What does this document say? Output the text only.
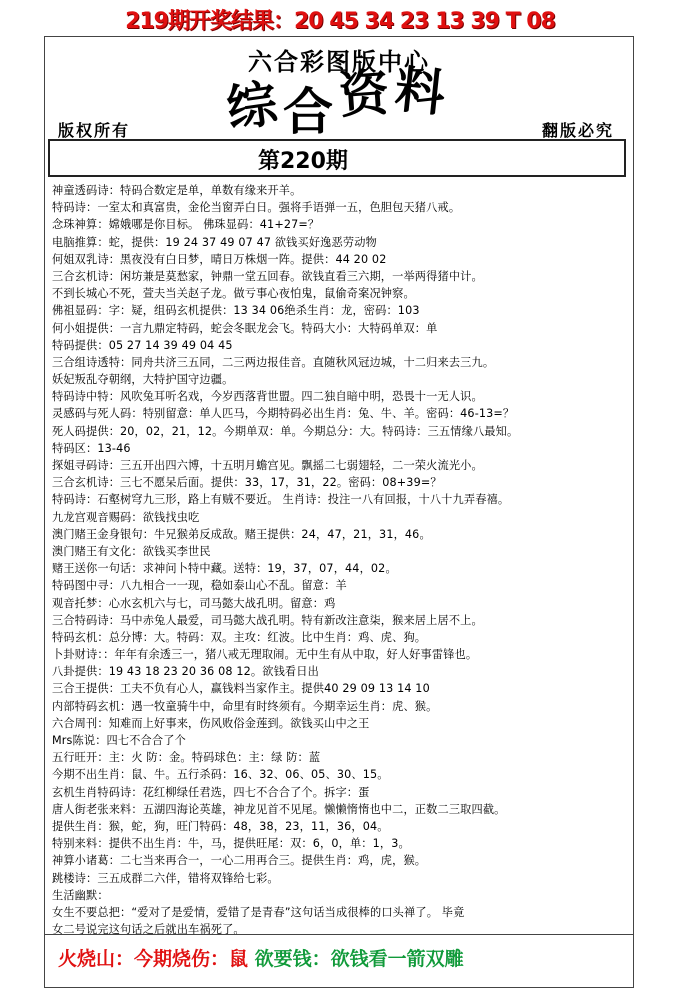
219期开奖结果：20 45 34 23 13 39 T 08
六合彩图版中心
版权所有	综合资料
翻版必究
第220期
神童透码诗：特码合数定是单，单数有缘来开羊。
特码诗：一室太和真富贵，金伦当窗弄白日。强将手语弹一五，色胆包天猪八戒。
念珠神算：嫦娥哪是你目标。 佛珠显码：41+27=？
电脑推算：蛇，提供：19 24 37 49 07 47 欲钱买好逸恶劳动物
何姐双乳诗：黑夜没有白日梦，晴日万株烟一阵。提供：44 20 02
三合玄机诗：闲坊兼是莫愁家，钟鼎一堂五回春。欲钱直看三六期，一举两得猪中计。
不到长城心不死，萱夫当关赵子龙。做亏事心夜怕鬼，鼠偷奇案况钟察。
佛祖显码：字：疑，组码玄机提供：13 34 06绝杀生肖：龙，密码：103
何小姐提供：一言九鼎定特码，蛇会冬眠龙会飞。特码大小：大特码单双：单
特码提供：05 27 14 39 49 04 45
三合组诗透特：同舟共济三五同，二三两边报佳音。直随秋风冠边城，十二归来去三九。
妖妃叛乱夺朝纲，大特护国守边疆。
特码诗中特：风吹兔耳听名戏，今岁西落背世盟。四二独自暗中明，恐畏十一无人识。
灵感码与死人码：特别留意：单人匹马，今期特码必出生肖：兔、牛、羊。密码：46-13=？
死人码提供：20，02，21，12。今期单双：单。今期总分：大。特码诗：三五情缘八最知。
特码区：13-46
探姐寻码诗：三五开出四六博，十五明月蟾宫见。飘摇二七弱翅轻，二一荣火流光小。
三合玄机诗：三七不愿呆后面。提供：33，17，31，22。密码：08+39=？
特码诗：石壑树穹九三形，路上有贼不要近。 生肖诗：投注一八有回报，十八十九弄春禧。
九龙宫观音赐码：欲钱找虫吃
澳门赌王金身银句：牛兄猴弟反成敌。赌王提供：24，47，21，31，46。
澳门赌王有文化：欲钱买李世民
赌王送你一句话：求神问卜特中藏。送特：19，37，07，44，02。
特码图中寻：八九相合一一现，稳如泰山心不乱。留意：羊
观音托梦：心水玄机六与七，司马懿大战孔明。留意：鸡
三合特码诗：马中赤兔人最爱，司马懿大战孔明。特有新改注意柒，猴来居上居不上。
特码玄机：总分博：大。特码：双。主攻：红波。比中生肖：鸡、虎、狗。
卜卦财诗：：年年有余透三一，猪八戒无理取闹。无中生有从中取，好人好事雷锋也。
八卦提供：19 43 18 23 20 36 08 12。欲钱看日出
三合王提供：工夫不负有心人，赢钱料当家作主。提供40 29 09 13 14 10
内部特码玄机：遇一牧童骑牛中，命里有时终须有。今期幸运生肖：虎、猴。
六合周刊：知难而上好事来，伤风败俗金莲到。欲钱买山中之王
Mrs陈说：四七不合合了个
五行旺开：主：火 防：金。特码球色：主：绿 防：蓝
今期不出生肖：鼠、牛。五行杀码：16、32、06、05、30、15。
玄机生肖特码诗：花红柳绿任君选，四七不合合了个。拆字：蛋
唐人街老张来料：五湖四海论英雄，神龙见首不见尾。懒懒惰惰也中二，正数二三取四截。
提供生肖：猴，蛇，狗，旺门特码：48，38，23，11，36，04。
特别来料：提供不出生肖：牛，马，提供旺尾：双：6，0，单：1，3。
神算小诸葛：二七当来再合一，一心二用再合三。提供生肖：鸡，虎，猴。
跳楼诗：三五成群二六伴，错将双锋给七彩。
生活幽默：
女生不要总把：“爱对了是爱情，爱错了是青春”这句话当成很棒的口头禅了。 毕竟
女二号说完这句话之后就出车祸死了。
火烧山：今期烧伤：鼠 欲要钱：欲钱看一箭双雕
